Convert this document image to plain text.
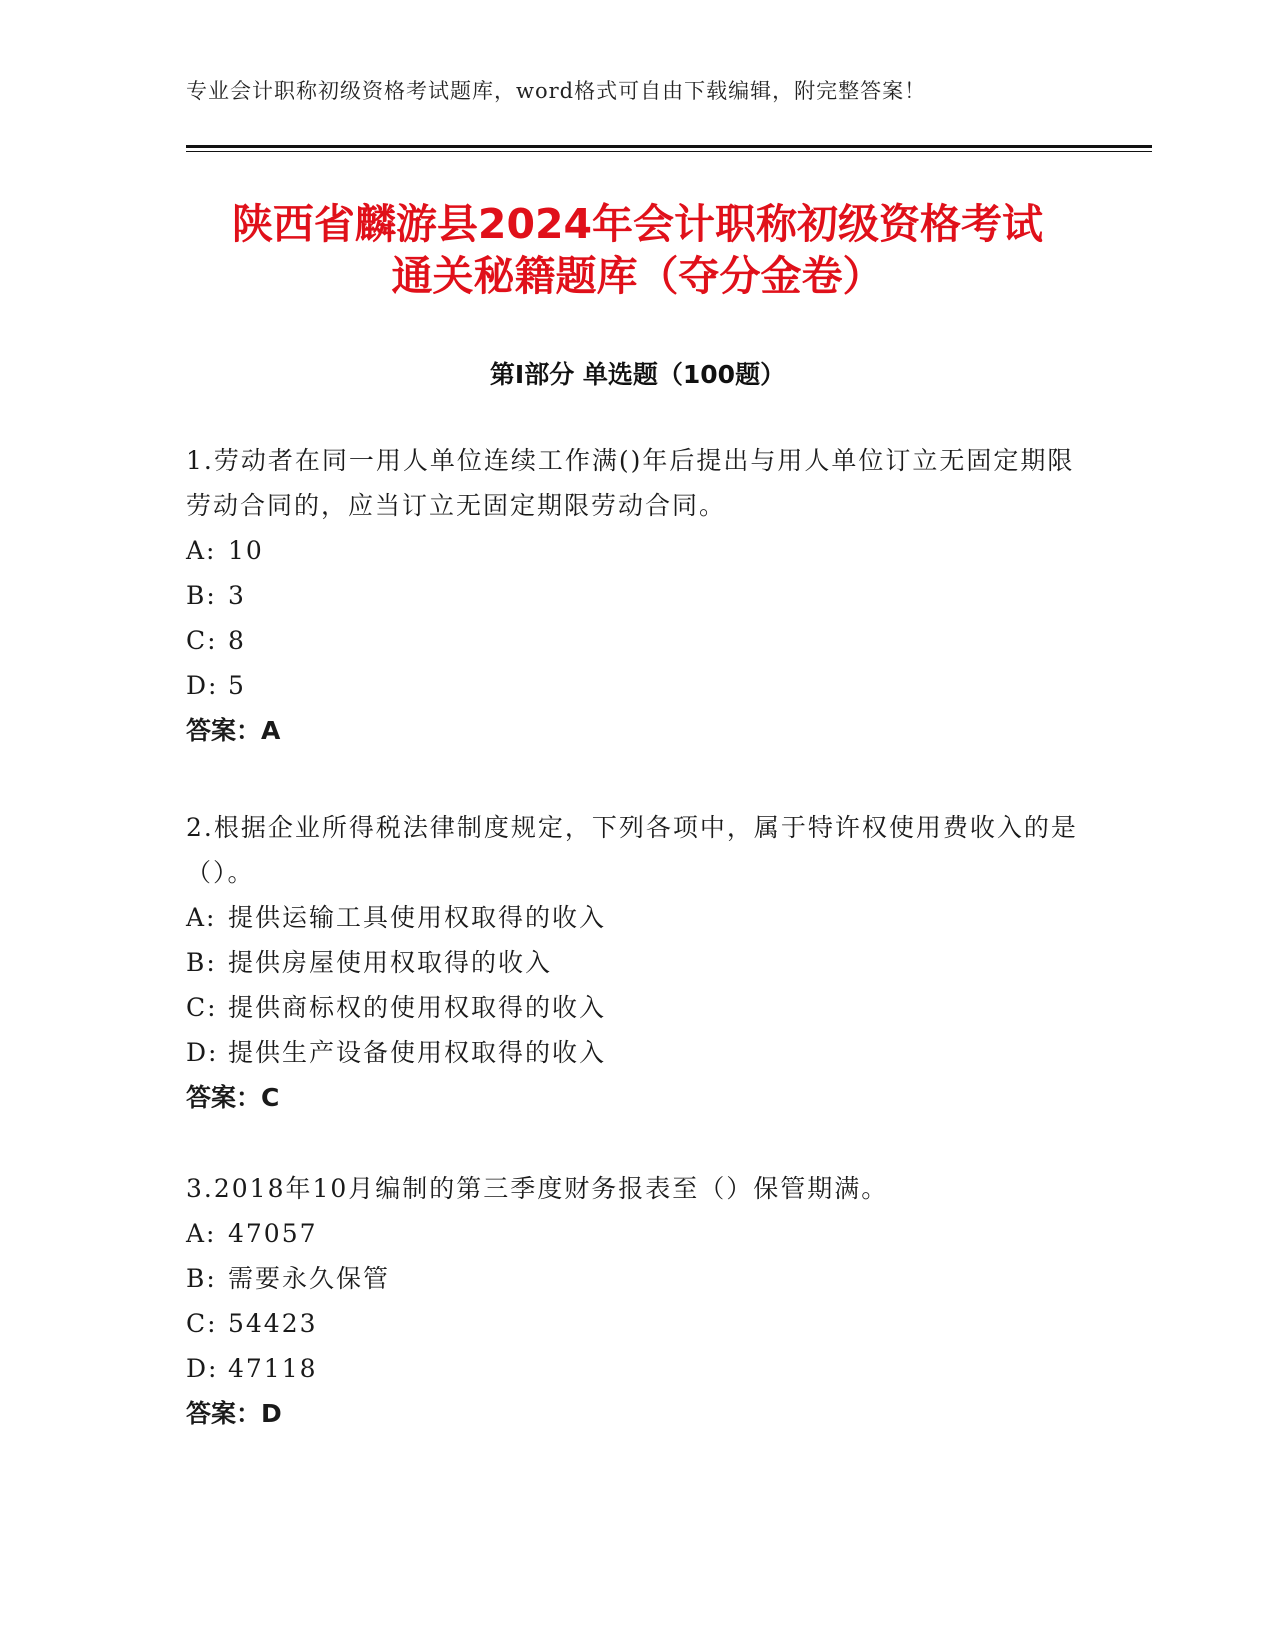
专业会计职称初级资格考试题库，word格式可自由下载编辑，附完整答案！
陕西省麟游县2024年会计职称初级资格考试
通关秘籍题库（夺分金卷）
第Ⅰ部分 单选题（100题）

1.劳动者在同一用人单位连续工作满()年后提出与用人单位订立无固定期限劳动合同的，应当订立无固定期限劳动合同。

A: 10

B: 3

C: 8

D: 5

答案：A

2.根据企业所得税法律制度规定，下列各项中，属于特许权使用费收入的是（）。

A: 提供运输工具使用权取得的收入

B: 提供房屋使用权取得的收入

C: 提供商标权的使用权取得的收入

D: 提供生产设备使用权取得的收入

答案：C

3.2018年10月编制的第三季度财务报表至（）保管期满。

A: 47057

B: 需要永久保管

C: 54423

D: 47118

答案：D
